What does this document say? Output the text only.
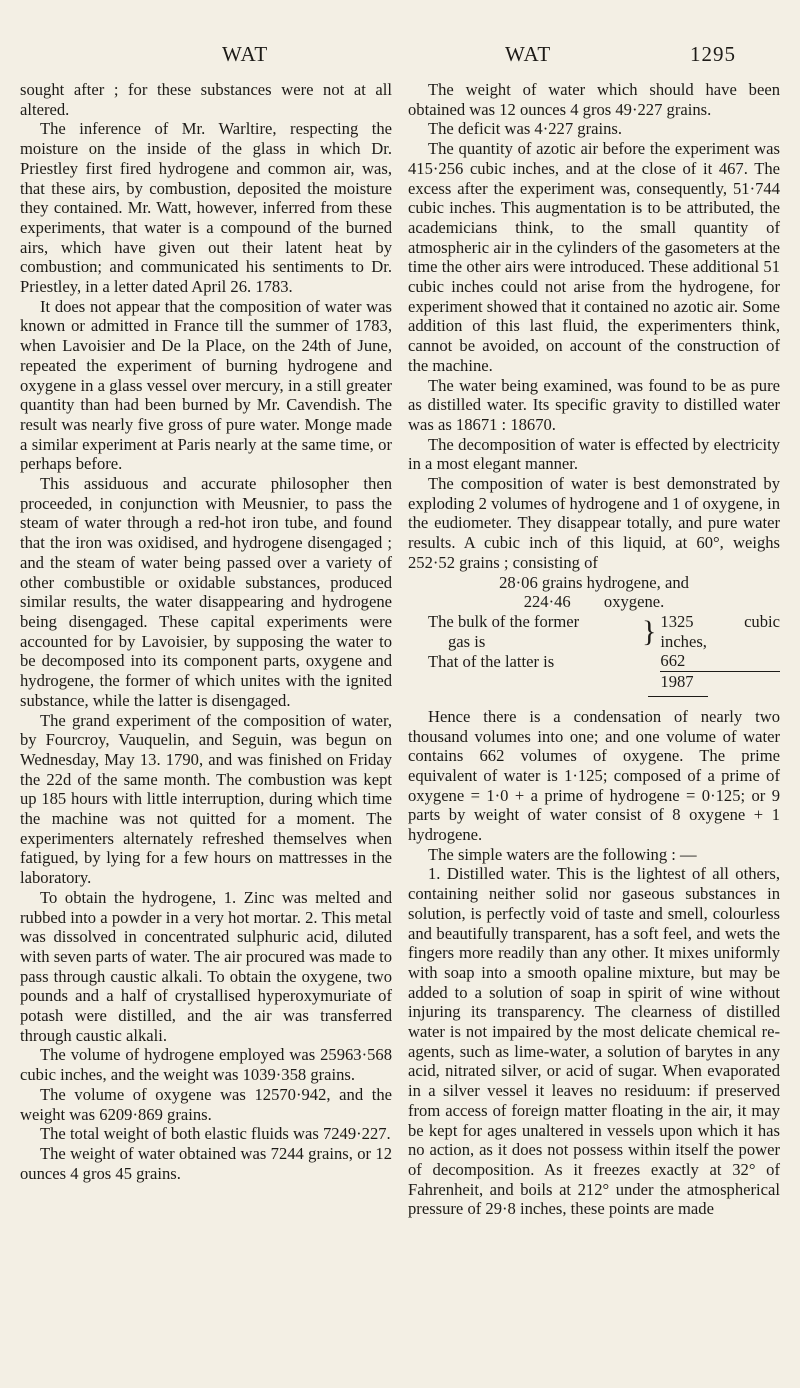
WAT	WAT	1295

sought after ; for these substances were not at all altered.

The inference of Mr. Warltire, respecting the moisture on the inside of the glass in which Dr. Priestley first fired hydrogene and common air, was, that these airs, by combustion, deposited the moisture they contained. Mr. Watt, however, inferred from these experiments, that water is a compound of the burned airs, which have given out their latent heat by combustion; and communicated his sentiments to Dr. Priestley, in a letter dated April 26. 1783.

It does not appear that the composition of water was known or admitted in France till the summer of 1783, when Lavoisier and De la Place, on the 24th of June, repeated the experiment of burning hydrogene and oxygene in a glass vessel over mercury, in a still greater quantity than had been burned by Mr. Cavendish. The result was nearly five gross of pure water. Monge made a similar experiment at Paris nearly at the same time, or perhaps before.

This assiduous and accurate philosopher then proceeded, in conjunction with Meusnier, to pass the steam of water through a red-hot iron tube, and found that the iron was oxidised, and hydrogene disengaged ; and the steam of water being passed over a variety of other combustible or oxidable substances, produced similar results, the water disappearing and hydrogene being disengaged. These capital experiments were accounted for by Lavoisier, by supposing the water to be decomposed into its component parts, oxygene and hydrogene, the former of which unites with the ignited substance, while the latter is disengaged.

The grand experiment of the composition of water, by Fourcroy, Vauquelin, and Seguin, was begun on Wednesday, May 13. 1790, and was finished on Friday the 22d of the same month. The combustion was kept up 185 hours with little interruption, during which time the machine was not quitted for a moment. The experimenters alternately refreshed themselves when fatigued, by lying for a few hours on mattresses in the laboratory.

To obtain the hydrogene, 1. Zinc was melted and rubbed into a powder in a very hot mortar. 2. This metal was dissolved in concentrated sulphuric acid, diluted with seven parts of water. The air procured was made to pass through caustic alkali. To obtain the oxygene, two pounds and a half of crystallised hyperoxymuriate of potash were distilled, and the air was transferred through caustic alkali.

The volume of hydrogene employed was 25963·568 cubic inches, and the weight was 1039·358 grains.

The volume of oxygene was 12570·942, and the weight was 6209·869 grains.

The total weight of both elastic fluids was 7249·227.

The weight of water obtained was 7244 grains, or 12 ounces 4 gros 45 grains.

The weight of water which should have been obtained was 12 ounces 4 gros 49·227 grains.

The deficit was 4·227 grains.

The quantity of azotic air before the experiment was 415·256 cubic inches, and at the close of it 467. The excess after the experiment was, consequently, 51·744 cubic inches. This augmentation is to be attributed, the academicians think, to the small quantity of atmospheric air in the cylinders of the gasometers at the time the other airs were introduced. These additional 51 cubic inches could not arise from the hydrogene, for experiment showed that it contained no azotic air. Some addition of this last fluid, the experimenters think, cannot be avoided, on account of the construction of the machine.

The water being examined, was found to be as pure as distilled water. Its specific gravity to distilled water was as 18671 : 18670.

The decomposition of water is effected by electricity in a most elegant manner.

The composition of water is best demonstrated by exploding 2 volumes of hydrogene and 1 of oxygene, in the eudiometer. They disappear totally, and pure water results. A cubic inch of this liquid, at 60°, weighs 252·52 grains ; consisting of

28·06 grains hydrogene, and

224·46 oxygene.

The bulk of the former
gas is	}	1325 cubic inches,
That of the latter is		662
		1987

Hence there is a condensation of nearly two thousand volumes into one; and one volume of water contains 662 volumes of oxygene. The prime equivalent of water is 1·125; composed of a prime of oxygene = 1·0 + a prime of hydrogene = 0·125; or 9 parts by weight of water consist of 8 oxygene + 1 hydrogene.

The simple waters are the following : —

1. Distilled water. This is the lightest of all others, containing neither solid nor gaseous substances in solution, is perfectly void of taste and smell, colourless and beautifully transparent, has a soft feel, and wets the fingers more readily than any other. It mixes uniformly with soap into a smooth opaline mixture, but may be added to a solution of soap in spirit of wine without injuring its transparency. The clearness of distilled water is not impaired by the most delicate chemical re-agents, such as lime-water, a solution of barytes in any acid, nitrated silver, or acid of sugar. When evaporated in a silver vessel it leaves no residuum: if preserved from access of foreign matter floating in the air, it may be kept for ages unaltered in vessels upon which it has no action, as it does not possess within itself the power of decomposition. As it freezes exactly at 32° of Fahrenheit, and boils at 212° under the atmospherical pressure of 29·8 inches, these points are made
